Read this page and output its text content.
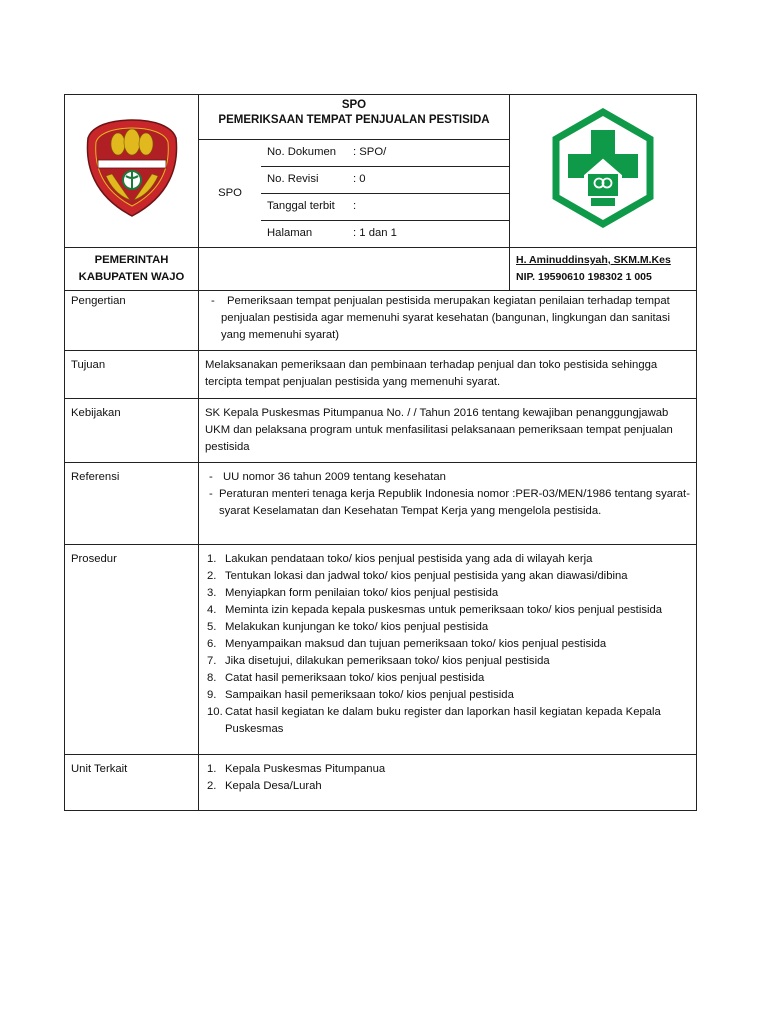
SPO
PEMERIKSAAN TEMPAT PENJUALAN PESTISIDA
SPO	No. Dokumen : SPO/
No. Revisi	: 0
Tanggal terbit :
Halaman	: 1 dan 1

PEMERINTAH
KABUPATEN WAJO

H. Aminuddinsyah, SKM.M.Kes
NIP. 19590610 198302 1 005

Pengertian	- Pemeriksaan tempat penjualan pestisida merupakan kegiatan penilaian terhadap tempat penjualan pestisida agar memenuhi syarat kesehatan (bangunan, lingkungan dan sanitasi yang memenuhi syarat)

Tujuan	Melaksanakan pemeriksaan dan pembinaan terhadap penjual dan toko pestisida sehingga tercipta tempat penjualan pestisida yang memenuhi syarat.
Kebijakan	SK Kepala Puskesmas Pitumpanua No. / / Tahun 2016 tentang kewajiban penanggungjawab UKM dan pelaksana program untuk menfasilitasi pelaksanaan pemeriksaan tempat penjualan pestisida
Referensi	- UU nomor 36 tahun 2009 tentang kesehatan
- Peraturan menteri tenaga kerja Republik Indonesia nomor :PER-03/MEN/1986 tentang syarat-syarat Keselamatan dan Kesehatan Tempat Kerja yang mengelola pestisida.

Prosedur	1. Lakukan pendataan toko/ kios penjual pestisida yang ada di wilayah kerja
2. Tentukan lokasi dan jadwal toko/ kios penjual pestisida yang akan diawasi/dibina
3. Menyiapkan form penilaian toko/ kios penjual pestisida
4. Meminta izin kepada kepala puskesmas untuk pemeriksaan toko/ kios penjual pestisida
5. Melakukan kunjungan ke toko/ kios penjual pestisida
6. Menyampaikan maksud dan tujuan pemeriksaan toko/ kios penjual pestisida
7. Jika disetujui, dilakukan pemeriksaan toko/ kios penjual pestisida
8. Catat hasil pemeriksaan toko/ kios penjual pestisida
9. Sampaikan hasil pemeriksaan toko/ kios penjual pestisida
10. Catat hasil kegiatan ke dalam buku register dan laporkan hasil kegiatan kepada Kepala Puskesmas

Unit Terkait	1. Kepala Puskesmas Pitumpanua
2. Kepala Desa/Lurah
